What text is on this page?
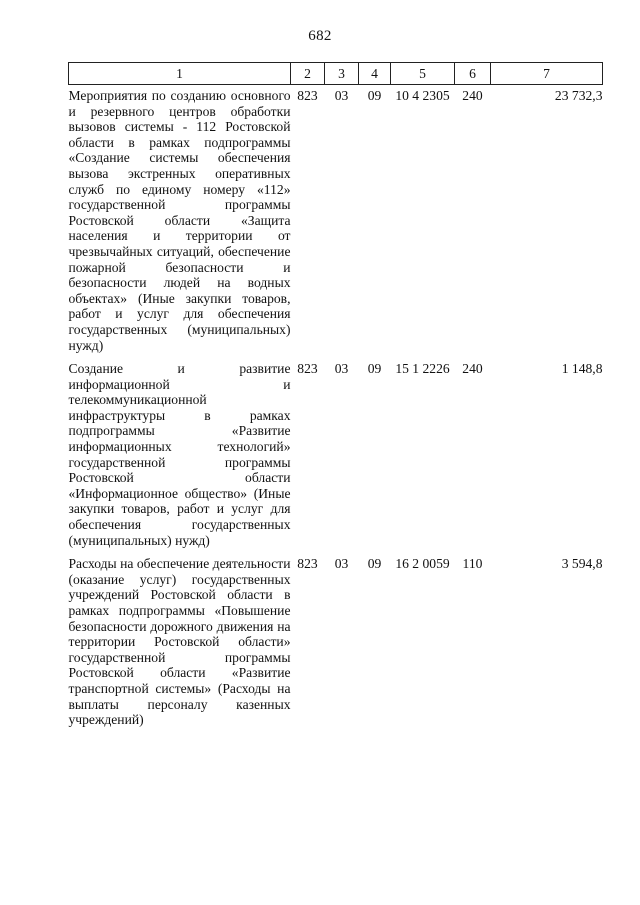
682
1	2	3	4	5	6	7
Мероприятия по созданию основного и резервного центров обработки вызовов системы - 112 Ростовской области в рамках подпрограммы «Создание системы обеспечения вызова экстренных оперативных служб по единому номеру «112» государственной программы Ростовской области «Защита населения и территории от чрезвычайных ситуаций, обеспечение пожарной безопасности и безопасности людей на водных объектах» (Иные закупки товаров, работ и услуг для обеспечения государственных (муниципальных) нужд)	823	03	09	10 4 2305	240	23 732,3
Создание и развитие информационной и телекоммуникационной инфраструктуры в рамках подпрограммы «Развитие информационных технологий» государственной программы Ростовской области «Информационное общество» (Иные закупки товаров, работ и услуг для обеспечения государственных (муниципальных) нужд)	823	03	09	15 1 2226	240	1 148,8
Расходы на обеспечение деятельности (оказание услуг) государственных учреждений Ростовской области в рамках подпрограммы «Повышение безопасности дорожного движения на территории Ростовской области» государственной программы Ростовской области «Развитие транспортной системы» (Расходы на выплаты персоналу казенных учреждений)	823	03	09	16 2 0059	110	3 594,8
